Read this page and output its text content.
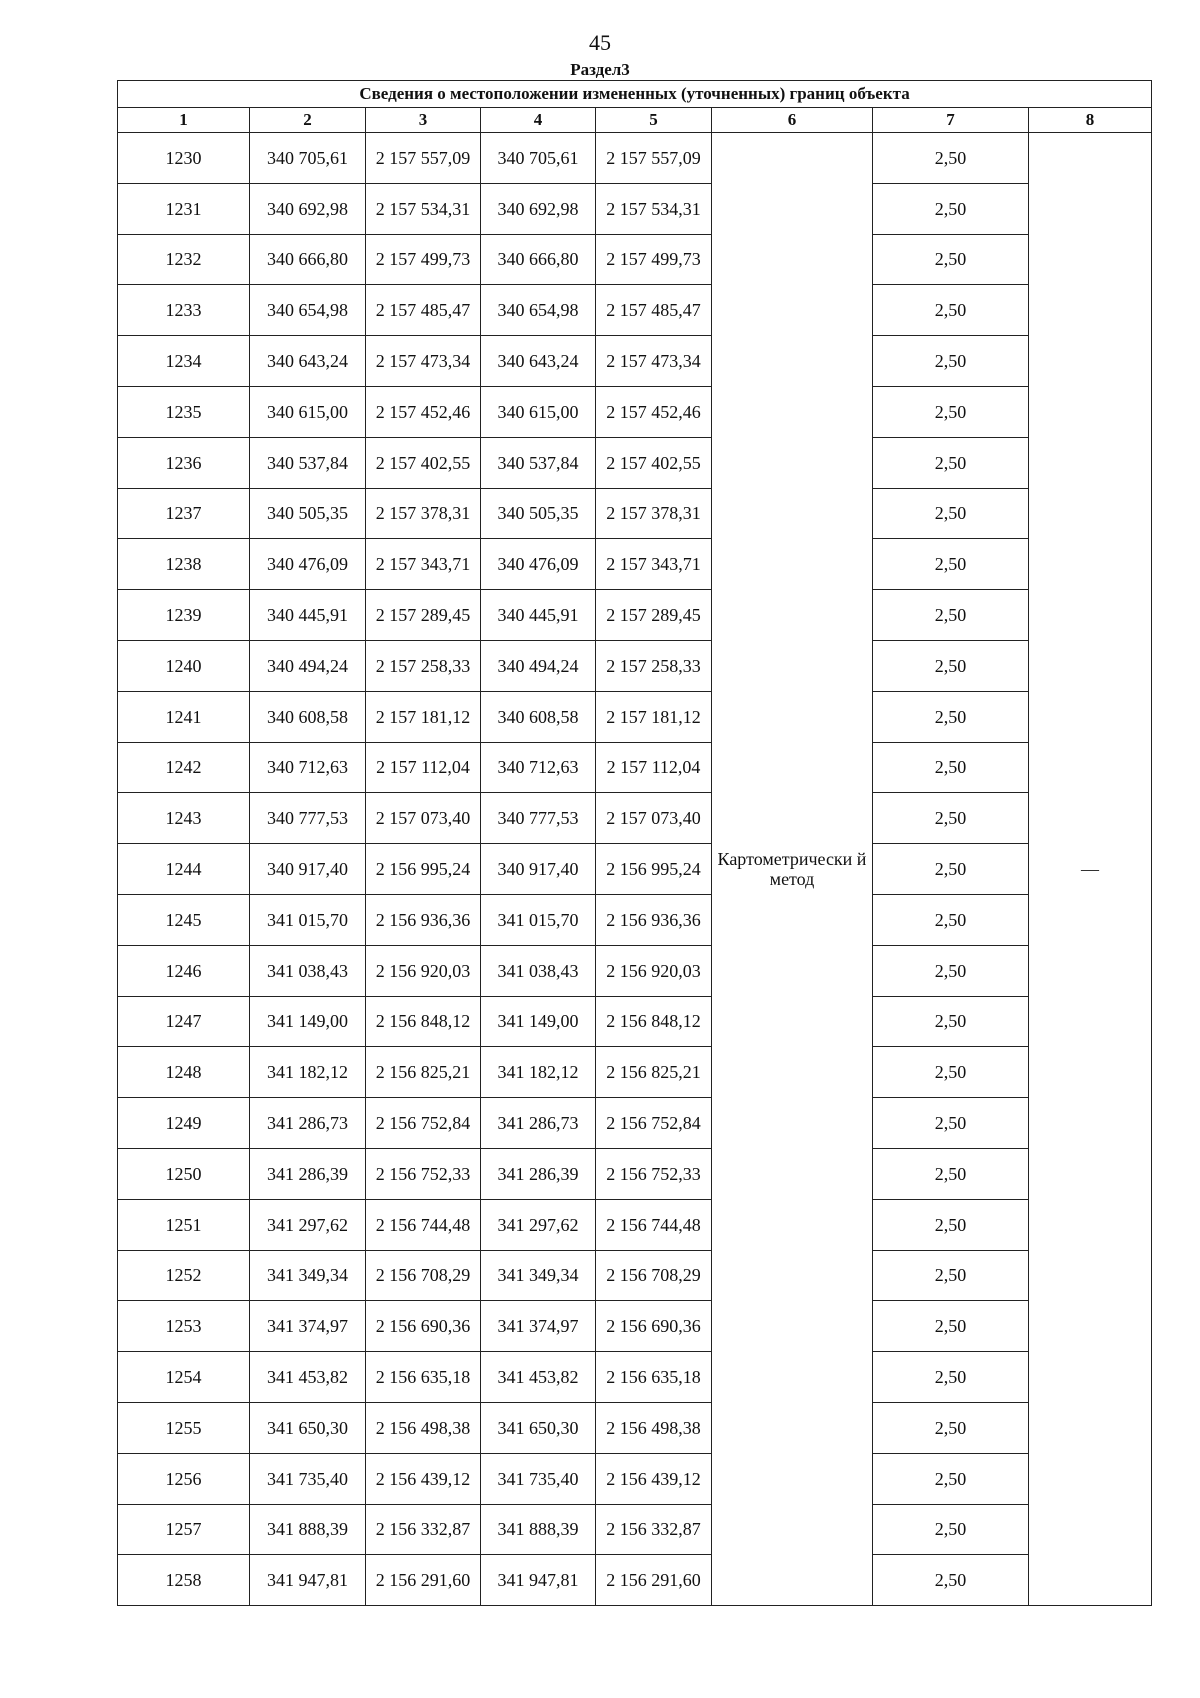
45
Раздел3
Сведения о местоположении измененных (уточненных) границ объекта							
1	2	3	4	5	6	7	8
1230	340 705,61	2 157 557,09	340 705,61	2 157 557,09	Картометрически й метод	2,50	—
1231	340 692,98	2 157 534,31	340 692,98	2 157 534,31		2,50	
1232	340 666,80	2 157 499,73	340 666,80	2 157 499,73		2,50	
1233	340 654,98	2 157 485,47	340 654,98	2 157 485,47		2,50	
1234	340 643,24	2 157 473,34	340 643,24	2 157 473,34		2,50	
1235	340 615,00	2 157 452,46	340 615,00	2 157 452,46		2,50	
1236	340 537,84	2 157 402,55	340 537,84	2 157 402,55		2,50	
1237	340 505,35	2 157 378,31	340 505,35	2 157 378,31		2,50	
1238	340 476,09	2 157 343,71	340 476,09	2 157 343,71		2,50	
1239	340 445,91	2 157 289,45	340 445,91	2 157 289,45		2,50	
1240	340 494,24	2 157 258,33	340 494,24	2 157 258,33		2,50	
1241	340 608,58	2 157 181,12	340 608,58	2 157 181,12		2,50	
1242	340 712,63	2 157 112,04	340 712,63	2 157 112,04		2,50	
1243	340 777,53	2 157 073,40	340 777,53	2 157 073,40		2,50	
1244	340 917,40	2 156 995,24	340 917,40	2 156 995,24		2,50	
1245	341 015,70	2 156 936,36	341 015,70	2 156 936,36		2,50	
1246	341 038,43	2 156 920,03	341 038,43	2 156 920,03		2,50	
1247	341 149,00	2 156 848,12	341 149,00	2 156 848,12		2,50	
1248	341 182,12	2 156 825,21	341 182,12	2 156 825,21		2,50	
1249	341 286,73	2 156 752,84	341 286,73	2 156 752,84		2,50	
1250	341 286,39	2 156 752,33	341 286,39	2 156 752,33		2,50	
1251	341 297,62	2 156 744,48	341 297,62	2 156 744,48		2,50	
1252	341 349,34	2 156 708,29	341 349,34	2 156 708,29		2,50	
1253	341 374,97	2 156 690,36	341 374,97	2 156 690,36		2,50	
1254	341 453,82	2 156 635,18	341 453,82	2 156 635,18		2,50	
1255	341 650,30	2 156 498,38	341 650,30	2 156 498,38		2,50	
1256	341 735,40	2 156 439,12	341 735,40	2 156 439,12		2,50	
1257	341 888,39	2 156 332,87	341 888,39	2 156 332,87		2,50	
1258	341 947,81	2 156 291,60	341 947,81	2 156 291,60		2,50	
